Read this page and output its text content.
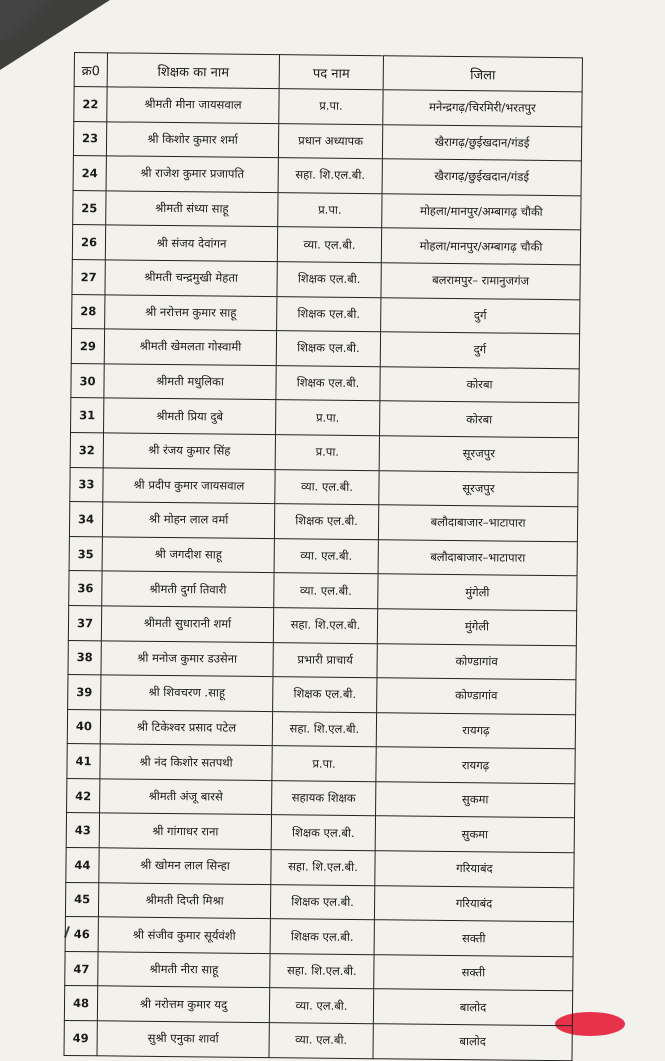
क्र0	शिक्षक का नाम	पद नाम	जिला
22	श्रीमती मीना जायसवाल	प्र.पा.	मनेन्द्रगढ़/चिरमिरी/भरतपुर
23	श्री किशोर कुमार शर्मा	प्रधान अध्यापक	खैरागढ़/छुईखदान/गंडई
24	श्री राजेश कुमार प्रजापति	सहा. शि.एल.बी.	खैरागढ़/छुईखदान/गंडई
25	श्रीमती संध्या साहू	प्र.पा.	मोहला/मानपुर/अम्बागढ़ चौकी
26	श्री संजय देवांगन	व्या. एल.बी.	मोहला/मानपुर/अम्बागढ़ चौकी
27	श्रीमती चन्द्रमुखी मेहता	शिक्षक एल.बी.	बलरामपुर– रामानुजगंज
28	श्री नरोत्तम कुमार साहू	शिक्षक एल.बी.	दुर्ग
29	श्रीमती खेमलता गोस्वामी	शिक्षक एल.बी.	दुर्ग
30	श्रीमती मधुलिका	शिक्षक एल.बी.	कोरबा
31	श्रीमती प्रिया दुबे	प्र.पा.	कोरबा
32	श्री रंजय कुमार सिंह	प्र.पा.	सूरजपुर
33	श्री प्रदीप कुमार जायसवाल	व्या. एल.बी.	सूरजपुर
34	श्री मोहन लाल वर्मा	शिक्षक एल.बी.	बलौदाबाजार–भाटापारा
35	श्री जगदीश साहू	व्या. एल.बी.	बलौदाबाजार–भाटापारा
36	श्रीमती दुर्गा तिवारी	व्या. एल.बी.	मुंगेली
37	श्रीमती सुधारानी शर्मा	सहा. शि.एल.बी.	मुंगेली
38	श्री मनोज कुमार डउसेना	प्रभारी प्राचार्य	कोण्डागांव
39	श्री शिवचरण .साहू	शिक्षक एल.बी.	कोण्डागांव
40	श्री टिकेश्वर प्रसाद पटेल	सहा. शि.एल.बी.	रायगढ़
41	श्री नंद किशोर सतपथी	प्र.पा.	रायगढ़
42	श्रीमती अंजू बारसे	सहायक शिक्षक	सुकमा
43	श्री गांगाधर राना	शिक्षक एल.बी.	सुकमा
44	श्री खोमन लाल सिन्हा	सहा. शि.एल.बी.	गरियाबंद
45	श्रीमती दिप्ती मिश्रा	शिक्षक एल.बी.	गरियाबंद
46	श्री संजीव कुमार सूर्यवंशी	शिक्षक एल.बी.	सक्ती
47	श्रीमती नीरा साहू	सहा. शि.एल.बी.	सक्ती
48	श्री नरोत्तम कुमार यदु	व्या. एल.बी.	बालोद
49	सुश्री एनुका शार्वा	व्या. एल.बी.	बालोद
